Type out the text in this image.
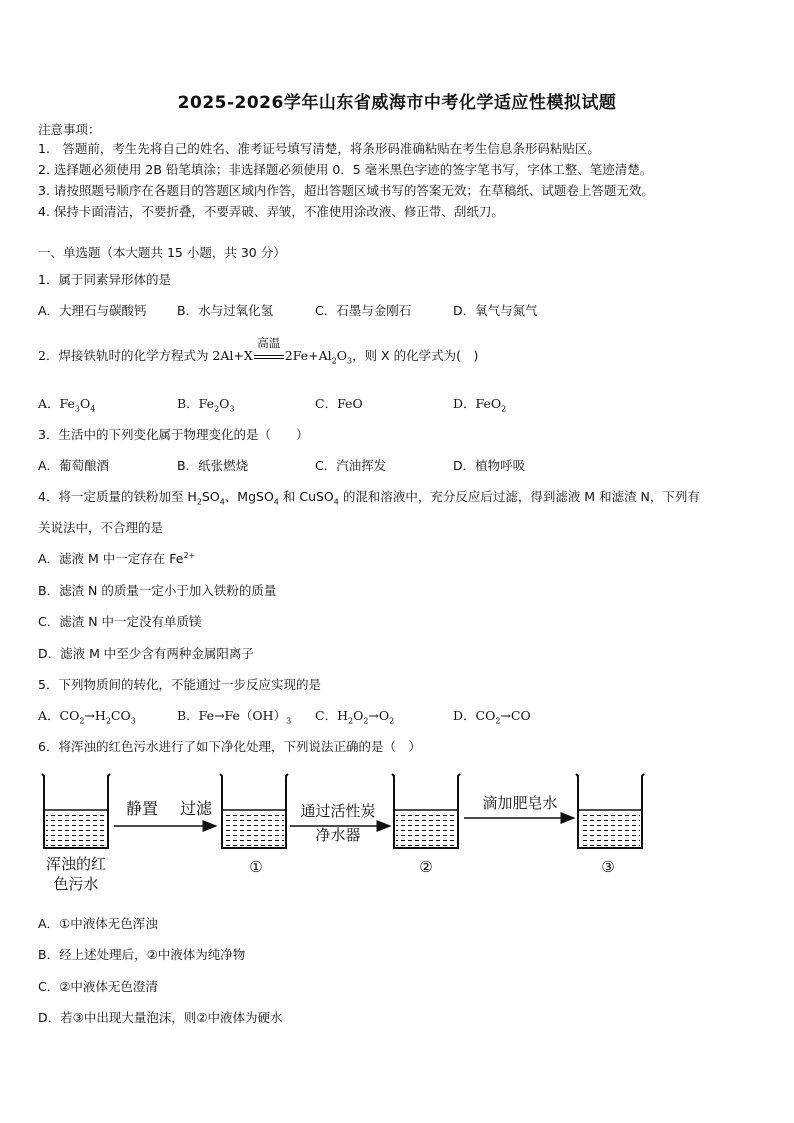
2025-2026学年山东省威海市中考化学适应性模拟试题
注意事项：
1.　答题前，考生先将自己的姓名、准考证号填写清楚，将条形码准确粘贴在考生信息条形码粘贴区。
2. 选择题必须使用 2B 铅笔填涂；非选择题必须使用 0．5 毫米黑色字迹的签字笔书写，字体工整、笔迹清楚。
3. 请按照题号顺序在各题目的答题区域内作答，超出答题区域书写的答案无效；在草稿纸、试题卷上答题无效。
4. 保持卡面清洁，不要折叠，不要弄破、弄皱，不准使用涂改液、修正带、刮纸刀。
一、单选题（本大题共 15 小题，共 30 分）
1．属于同素异形体的是
A．大理石与碳酸钙 B．水与过氧化氢	C．石墨与金刚石	D．氧气与氮气
2．焊接铁轨时的化学方程式为 2Al+X
高温
$2Fe+Al_2O_3$，则 X 的化学式为(　)
A．$Fe_3O_4$	B．$Fe_2O_3$	C．FeO	D．FeO$_2$
3．生活中的下列变化属于物理变化的是（　　）
A．葡萄酿酒	B．纸张燃烧	C．汽油挥发	D．植物呼吸
4．将一定质量的铁粉加至 $H_2SO_4$、MgSO$_4$ 和 CuSO$_4$ 的混和溶液中，充分反应后过滤，得到滤液 M 和滤渣 N，下列有
关说法中，不合理的是
A．滤液 M 中一定存在 $Fe^{2+}$
B．滤渣 N 的质量一定小于加入铁粉的质量
C．滤渣 N 中一定没有单质镁
D．滤液 M 中至少含有两种金属阳离子
5．下列物质间的转化，不能通过一步反应实现的是
A．$CO_2\to H_2CO_3$	B．$Fe\to Fe(OH)_3$ C．$H_2O_2\to O_2$	D．$CO_2\to CO$
6．将浑浊的红色污水进行了如下净化处理，下列说法正确的是（　）
浑浊的红
色污水
静置 过滤
①
通过活性炭
净水器
②
滴加肥皂水
③
A．①中液体无色浑浊
B．经上述处理后，②中液体为纯净物
C．②中液体无色澄清
D．若③中出现大量泡沫，则②中液体为硬水
